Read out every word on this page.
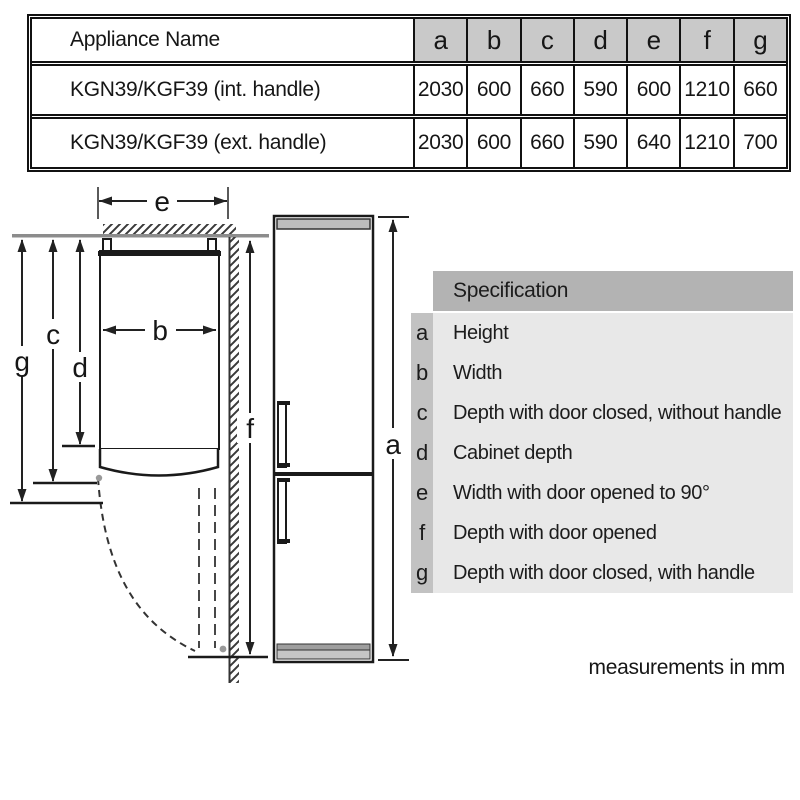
Appliance Name	a	b	c	d	e	f	g
KGN39/KGF39 (int. handle)	2030 600 660 590 600 1210 660
KGN39/KGF39 (ext. handle)	2030 600 660 590 640 1210 700
e
b
g
c
d
f
a
Specification
a	Height
b	Width
c	Depth with door closed, without handle
d	Cabinet depth
e	Width with door opened to 90°
f	Depth with door opened
g	Depth with door closed, with handle
measurements in mm
